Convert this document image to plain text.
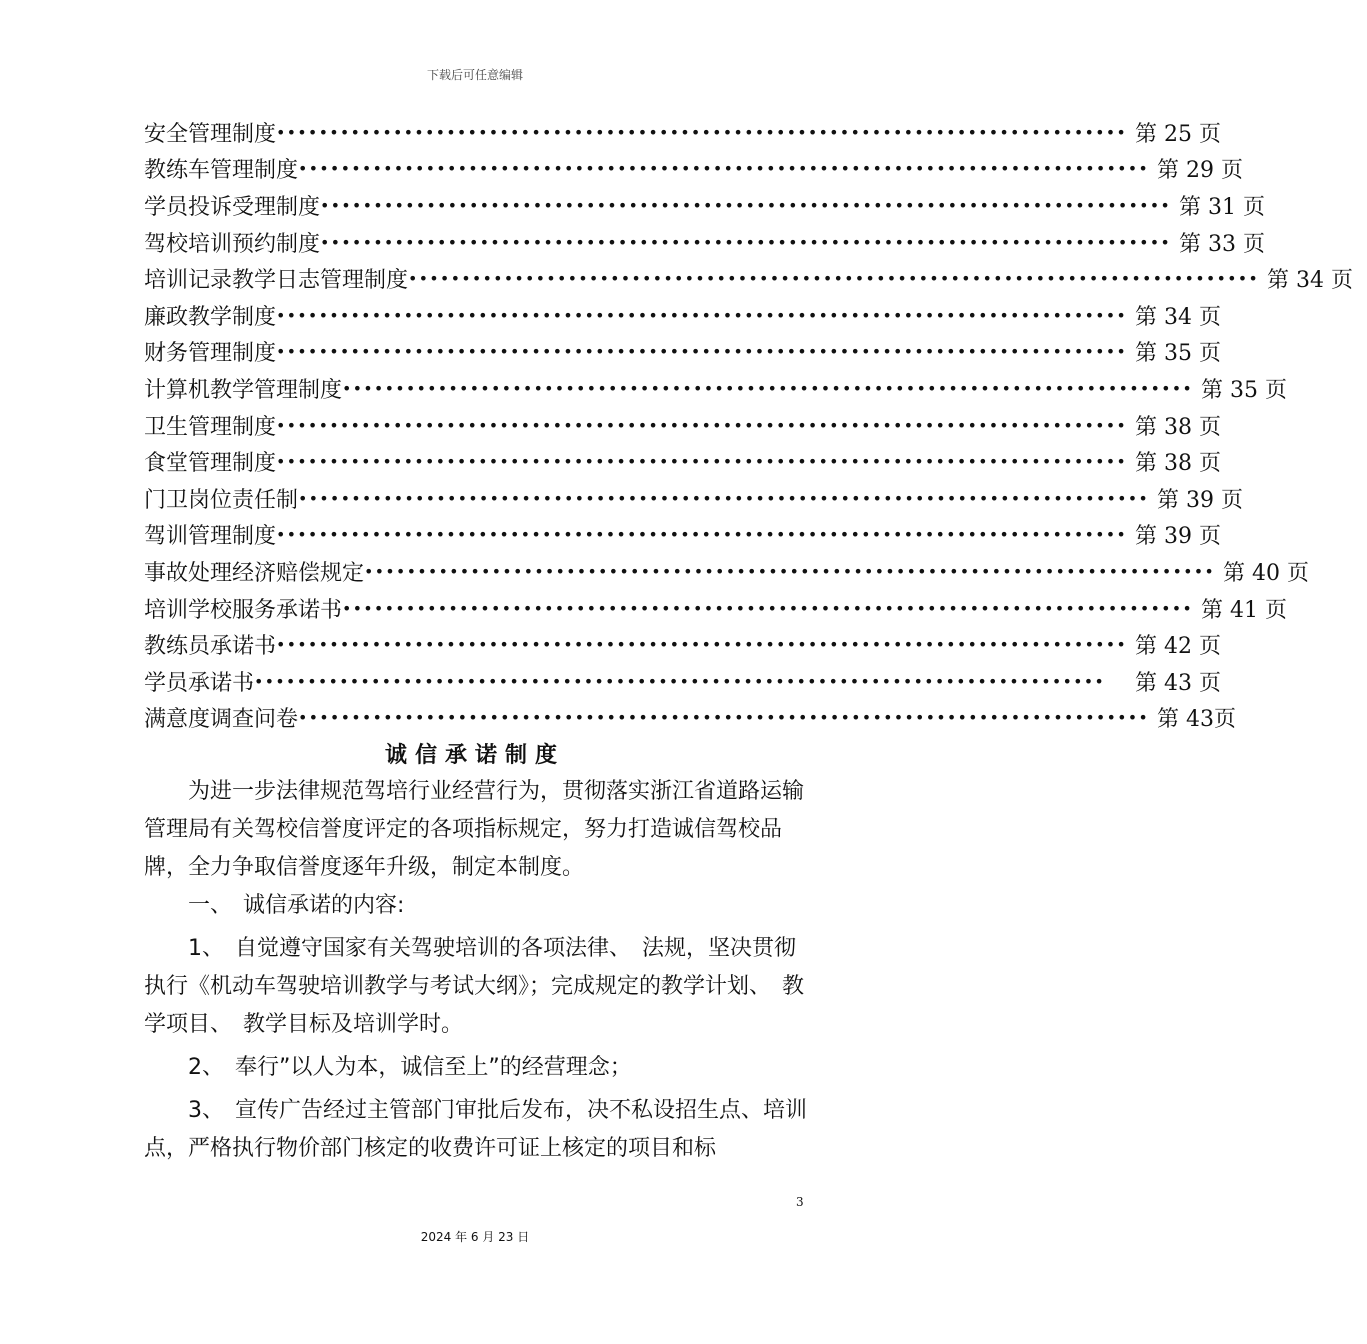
下载后可任意编辑
安全管理制度 •••••••••••••••••••••••••••••••••••••••••••••••••••••••••••••••••••••••••••••••• 第 25 页
教练车管理制度 •••••••••••••••••••••••••••••••••••••••••••••••••••••••••••••••••••••••••••••••• 第 29 页
学员投诉受理制度 •••••••••••••••••••••••••••••••••••••••••••••••••••••••••••••••••••••••••••••••• 第 31 页
驾校培训预约制度 •••••••••••••••••••••••••••••••••••••••••••••••••••••••••••••••••••••••••••••••• 第 33 页
培训记录教学日志管理制度 •••••••••••••••••••••••••••••••••••••••••••••••••••••••••••••••••••••••••••••••• 第 34 页
廉政教学制度 •••••••••••••••••••••••••••••••••••••••••••••••••••••••••••••••••••••••••••••••• 第 34 页
财务管理制度 •••••••••••••••••••••••••••••••••••••••••••••••••••••••••••••••••••••••••••••••• 第 35 页
计算机教学管理制度 •••••••••••••••••••••••••••••••••••••••••••••••••••••••••••••••••••••••••••••••• 第 35 页
卫生管理制度 •••••••••••••••••••••••••••••••••••••••••••••••••••••••••••••••••••••••••••••••• 第 38 页
食堂管理制度 •••••••••••••••••••••••••••••••••••••••••••••••••••••••••••••••••••••••••••••••• 第 38 页
门卫岗位责任制 •••••••••••••••••••••••••••••••••••••••••••••••••••••••••••••••••••••••••••••••• 第 39 页
驾训管理制度 •••••••••••••••••••••••••••••••••••••••••••••••••••••••••••••••••••••••••••••••• 第 39 页
事故处理经济赔偿规定 •••••••••••••••••••••••••••••••••••••••••••••••••••••••••••••••••••••••••••••••• 第 40 页
培训学校服务承诺书 •••••••••••••••••••••••••••••••••••••••••••••••••••••••••••••••••••••••••••••••• 第 41 页
教练员承诺书 •••••••••••••••••••••••••••••••••••••••••••••••••••••••••••••••••••••••••••••••• 第 42 页
学员承诺书 •••••••••••••••••••••••••••••••••••••••••••••••••••••••••••••••••••••••••••••••• 第 43 页
满意度调查问卷 •••••••••••••••••••••••••••••••••••••••••••••••••••••••••••••••••••••••••••••••• 第 43页
诚信承诺制度

为进一步法律规范驾培行业经营行为，贯彻落实浙江省道路运输管理局有关驾校信誉度评定的各项指标规定，努力打造诚信驾校品牌，全力争取信誉度逐年升级，制定本制度。

一、　诚信承诺的内容:

1、　自觉遵守国家有关驾驶培训的各项法律、　法规，坚决贯彻执行《机动车驾驶培训教学与考试大纲》；完成规定的教学计划、　教学项目、　教学目标及培训学时。

2、　奉行”以人为本，诚信至上”的经营理念；

3、　宣传广告经过主管部门审批后发布，决不私设招生点、培训点，严格执行物价部门核定的收费许可证上核定的项目和标

3
2024 年 6 月 23 日
